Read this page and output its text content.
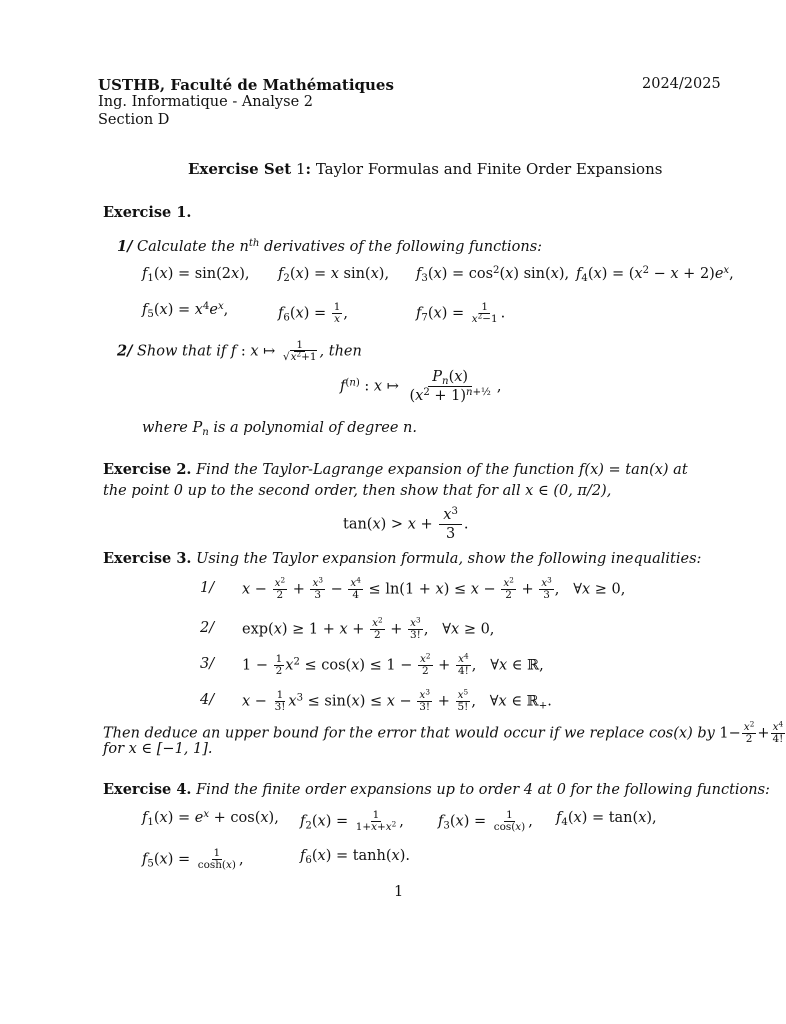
USTHB, Faculté de Mathématiques	2024/2025
Ing. Informatique - Analyse 2
Section D
Exercise Set 1: Taylor Formulas and Finite Order Expansions
Exercise 1.
1/ Calculate the $n^{th}$ derivatives of the following functions:
$f_1(x) = \sin(2x)$, $f_2(x) = x$ sin(x), $f_3(x) = \cos^2(x)$ sin(x), $f_4(x) = (x^2 - x + 2)e^x$,
$f_5(x) = x^4e^x$,	$f_6(x) = \frac{1}{x}$ ,	$f_7(x) = \frac{1}{x^2-1}$ .
2/ Show that if f : x ↦ $\frac{1}{√x^2+1}$ , then
$f^{(n)}$ : x ↦ $\frac{P_n(x)}{(x^2 + 1)^{n+\frac{1}{2}}}$ ,
where $P_n$ is a polynomial of degree n.
Exercise 2. Find the Taylor-Lagrange expansion of the function f(x) = tan(x) at the point 0 up to the second order, then show that for all x ∈ (0, π/2),
$\tan(x) > x + \frac{x^3}{3}$ .
Exercise 3. Using the Taylor expansion formula, show the following inequalities:
1/ $x - \frac{x^2}{2} + \frac{x^3}{3} - \frac{x^4}{4} \le \ln(1 + x) \le x - \frac{x^2}{2} + \frac{x^3}{3}$ ,   ∀x ≥ 0,
2/ $\exp(x) \ge 1 + x + \frac{x^2}{2} + \frac{x^3}{3!}$ ,   ∀x ≥ 0,
3/ $1 - \frac{1}{2} x^2 \le \cos(x) \le 1 - \frac{x^2}{2} + \frac{x^4}{4!}$ ,   ∀x ∈ ℝ,
4/ $x - \frac{1}{3!} x^3 \le \sin(x) \le x - \frac{x^3}{3!} + \frac{x^5}{5!}$ ,   ∀x ∈ ℝ$_+$.
Then deduce an upper bound for the error that would occur if we replace cos(x) by $1- \frac{x^2}{2} + \frac{x^4}{4!}$
for x ∈ [−1, 1].
Exercise 4. Find the finite order expansions up to order 4 at 0 for the following functions:
$f_1(x) = e^x + \cos(x)$, $f_2(x) = \frac{1}{1+x+x^2}$ , $f_3(x) = \frac{1}{\cos(x)}$ , $f_4(x) = \tan(x)$,
$f_5(x) = \frac{1}{\cosh(x)}$ ,	$f_6(x) = \tanh(x)$.
1
